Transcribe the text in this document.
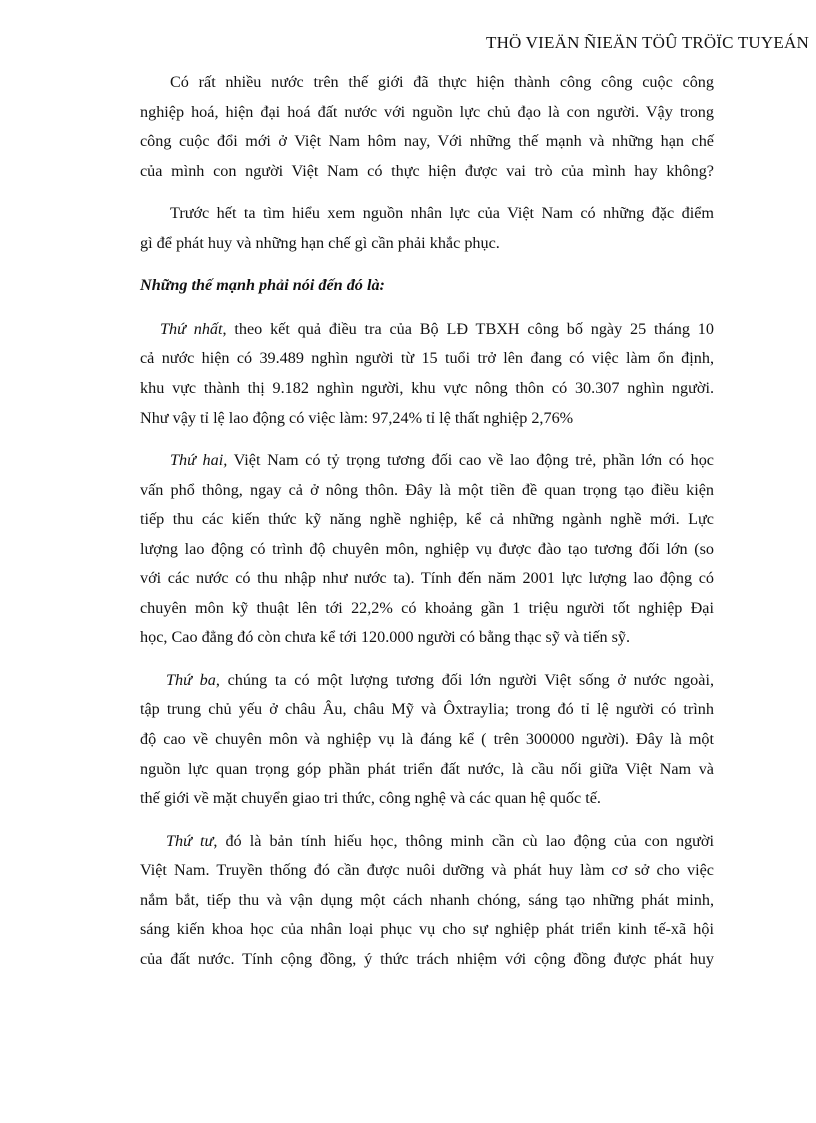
THÖ VIEÄN ÑIEÄN TÖÛ TRÖÏC TUYEÁN

Có rất nhiều nước trên thế giới đã thực hiện thành công công cuộc công
nghiệp hoá, hiện đại hoá đất nước với nguồn lực chủ đạo là con người. Vậy trong
công cuộc đổi mới ở Việt Nam hôm nay, Với những thế mạnh và những hạn chế
của mình con người Việt Nam có thực hiện được vai trò của mình hay không?

Trước hết ta tìm hiểu xem nguồn nhân lực của Việt Nam có những đặc điểm
gì để phát huy và những hạn chế gì cần phải khắc phục.

Những thế mạnh phải nói đến đó là:

Thứ nhất, theo kết quả điều tra của Bộ LĐ TBXH công bố ngày 25 tháng 10
cả nước hiện có 39.489 nghìn người từ 15 tuổi trở lên đang có việc làm ổn định,
khu vực thành thị 9.182 nghìn người, khu vực nông thôn có 30.307 nghìn người.
Như vậy tỉ lệ lao động có việc làm: 97,24% tỉ lệ thất nghiệp 2,76%

Thứ hai, Việt Nam có tỷ trọng tương đối cao về lao động trẻ, phần lớn có học
vấn phổ thông, ngay cả ở nông thôn. Đây là một tiền đề quan trọng tạo điều kiện
tiếp thu các kiến thức kỹ năng nghề nghiệp, kể cả những ngành nghề mới. Lực
lượng lao động có trình độ chuyên môn, nghiệp vụ được đào tạo tương đối lớn (so
với các nước có thu nhập như nước ta). Tính đến năm 2001 lực lượng lao động có
chuyên môn kỹ thuật lên tới 22,2% có khoảng gần 1 triệu người tốt nghiệp Đại
học, Cao đẳng đó còn chưa kể tới 120.000 người có bằng thạc sỹ và tiến sỹ.

Thứ ba, chúng ta có một lượng tương đối lớn người Việt sống ở nước ngoài,
tập trung chủ yếu ở châu Âu, châu Mỹ và Ôxtraylia; trong đó tỉ lệ người có trình
độ cao về chuyên môn và nghiệp vụ là đáng kể ( trên 300000 người). Đây là một
nguồn lực quan trọng góp phần phát triển đất nước, là cầu nối giữa Việt Nam và
thế giới về mặt chuyển giao tri thức, công nghệ và các quan hệ quốc tế.

Thứ tư, đó là bản tính hiếu học, thông minh cần cù lao động của con người
Việt Nam. Truyền thống đó cần được nuôi dưỡng và phát huy làm cơ sở cho việc
nắm bắt, tiếp thu và vận dụng một cách nhanh chóng, sáng tạo những phát minh,
sáng kiến khoa học của nhân loại phục vụ cho sự nghiệp phát triển kinh tế-xã hội
của đất nước. Tính cộng đồng, ý thức trách nhiệm với cộng đồng được phát huy
